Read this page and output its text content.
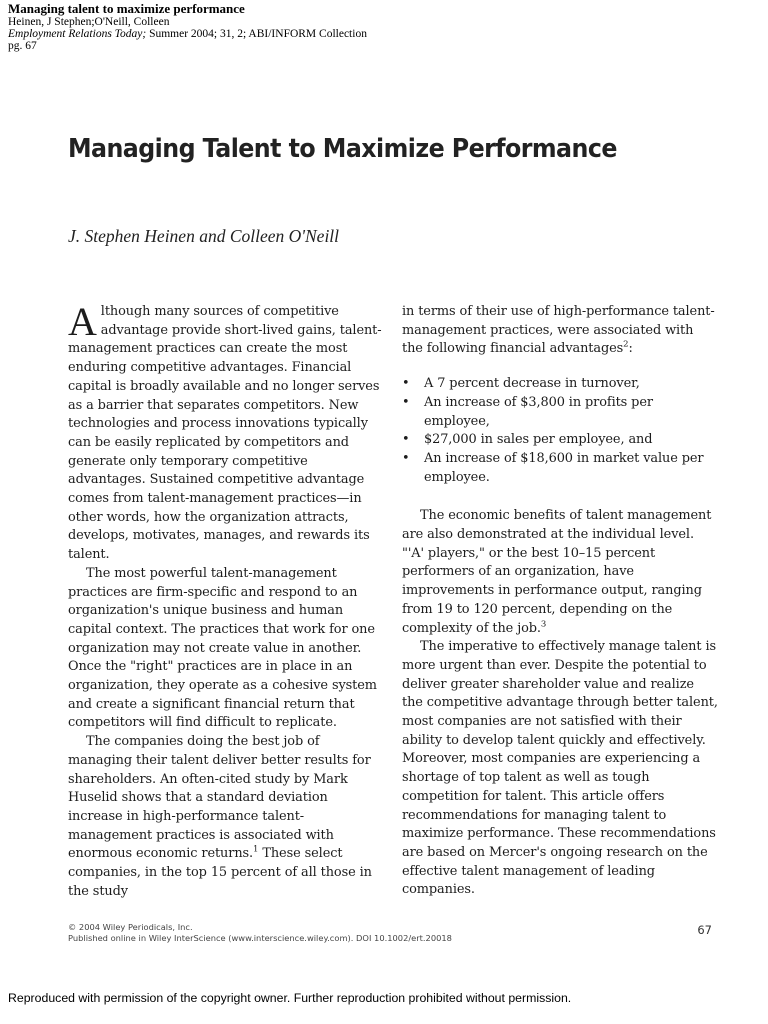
Managing talent to maximize performance
Heinen, J Stephen;O'Neill, Colleen
Employment Relations Today; Summer 2004; 31, 2; ABI/INFORM Collection
pg. 67
Managing Talent to Maximize Performance
J. Stephen Heinen and Colleen O'Neill

Although many sources of competitive advantage provide short-lived gains, talent-management practices can create the most enduring competitive advantages. Financial capital is broadly available and no longer serves as a barrier that separates competitors. New technologies and process innovations typically can be easily replicated by competitors and generate only temporary competitive advantages. Sustained competitive advantage comes from talent-management practices—in other words, how the organization attracts, develops, motivates, manages, and rewards its talent.

The most powerful talent-management practices are firm-specific and respond to an organization's unique business and human capital context. The practices that work for one organization may not create value in another. Once the "right" practices are in place in an organization, they operate as a cohesive system and create a significant financial return that competitors will find difficult to replicate.

The companies doing the best job of managing their talent deliver better results for shareholders. An often-cited study by Mark Huselid shows that a standard deviation increase in high-performance talent-management practices is associated with enormous economic returns.$^1$ These select companies, in the top 15 percent of all those in the study

in terms of their use of high-performance talent-management practices, were associated with the following financial advantages$^2$:

• A 7 percent decrease in turnover,
• An increase of $3,800 in profits per employee,
• $27,000 in sales per employee, and
• An increase of $18,600 in market value per employee.

The economic benefits of talent management are also demonstrated at the individual level. "'A' players," or the best 10–15 percent performers of an organization, have improvements in performance output, ranging from 19 to 120 percent, depending on the complexity of the job.$^3$

The imperative to effectively manage talent is more urgent than ever. Despite the potential to deliver greater shareholder value and realize the competitive advantage through better talent, most companies are not satisfied with their ability to develop talent quickly and effectively. Moreover, most companies are experiencing a shortage of top talent as well as tough competition for talent. This article offers recommendations for managing talent to maximize performance. These recommendations are based on Mercer's ongoing research on the effective talent management of leading companies.

© 2004 Wiley Periodicals, Inc.
Published online in Wiley InterScience (www.interscience.wiley.com). DOI 10.1002/ert.20018
67
Reproduced with permission of the copyright owner. Further reproduction prohibited without permission.
